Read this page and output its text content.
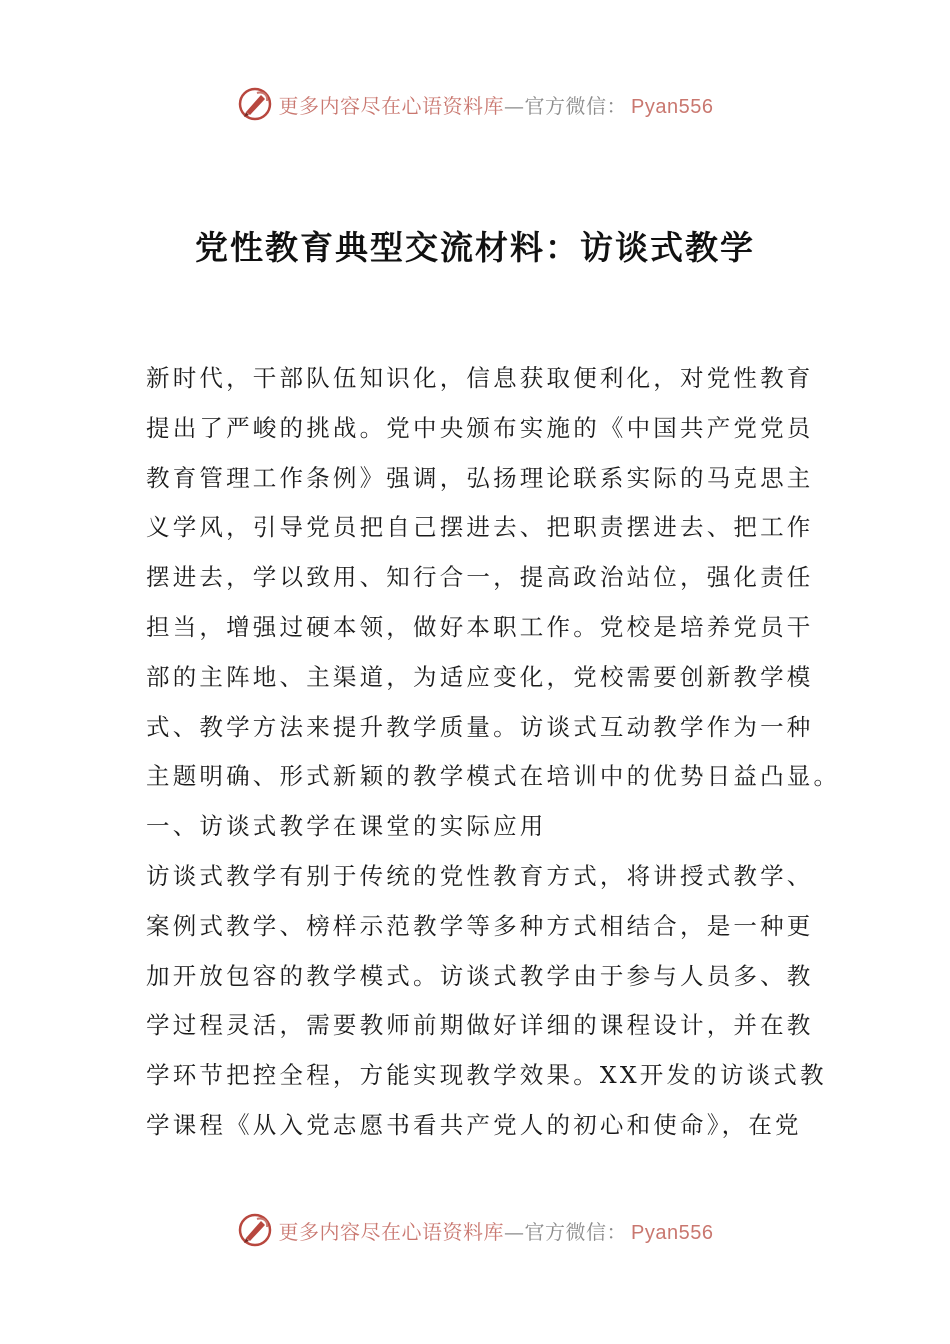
更多内容尽在心语资料库—官方微信： Pyan556
党性教育典型交流材料：访谈式教学
新时代，干部队伍知识化，信息获取便利化，对党性教育
提出了严峻的挑战。党中央颁布实施的《中国共产党党员
教育管理工作条例》强调，弘扬理论联系实际的马克思主
义学风，引导党员把自己摆进去、把职责摆进去、把工作
摆进去，学以致用、知行合一，提高政治站位，强化责任
担当，增强过硬本领，做好本职工作。党校是培养党员干
部的主阵地、主渠道，为适应变化，党校需要创新教学模
式、教学方法来提升教学质量。访谈式互动教学作为一种
主题明确、形式新颖的教学模式在培训中的优势日益凸显。
一、访谈式教学在课堂的实际应用
访谈式教学有别于传统的党性教育方式，将讲授式教学、
案例式教学、榜样示范教学等多种方式相结合，是一种更
加开放包容的教学模式。访谈式教学由于参与人员多、教
学过程灵活，需要教师前期做好详细的课程设计，并在教
学环节把控全程，方能实现教学效果。XX开发的访谈式教
学课程《从入党志愿书看共产党人的初心和使命》，在党
更多内容尽在心语资料库—官方微信： Pyan556
